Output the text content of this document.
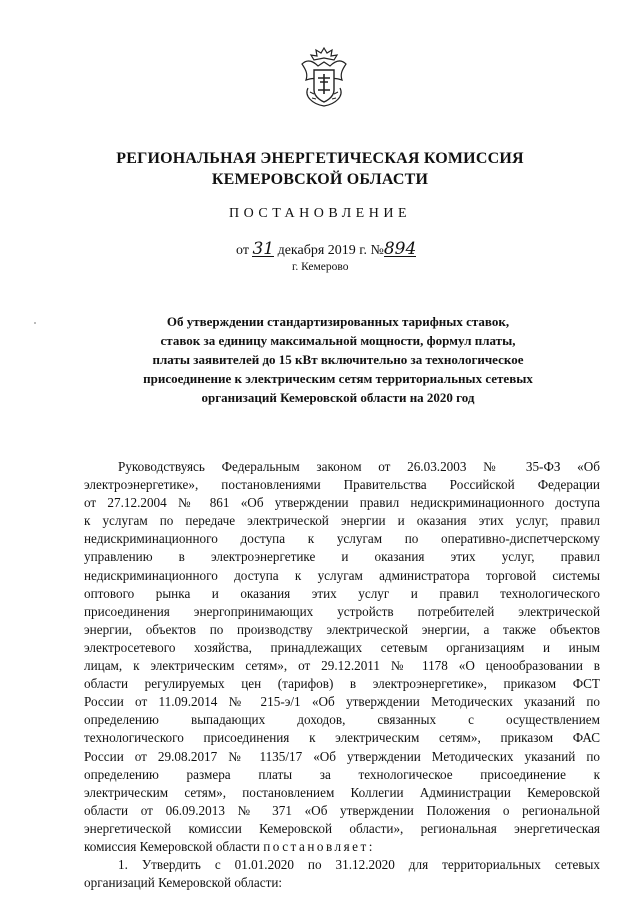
РЕГИОНАЛЬНАЯ ЭНЕРГЕТИЧЕСКАЯ КОМИССИЯ
КЕМЕРОВСКОЙ ОБЛАСТИ
ПОСТАНОВЛЕНИЕ
от 31 декабря 2019 г. №894
г. Кемерово
Об утверждении стандартизированных тарифных ставок,
ставок за единицу максимальной мощности, формул платы,
платы заявителей до 15 кВт включительно за технологическое
присоединение к электрическим сетям территориальных сетевых
организаций Кемеровской области на 2020 год
Руководствуясь Федеральным законом от 26.03.2003 № 35-ФЗ «Об
электроэнергетике», постановлениями Правительства Российской Федерации
от 27.12.2004 № 861 «Об утверждении правил недискриминационного доступа
к услугам по передаче электрической энергии и оказания этих услуг, правил
недискриминационного доступа к услугам по оперативно-диспетчерскому
управлению в электроэнергетике и оказания этих услуг, правил
недискриминационного доступа к услугам администратора торговой системы
оптового рынка и оказания этих услуг и правил технологического
присоединения энергопринимающих устройств потребителей электрической
энергии, объектов по производству электрической энергии, а также объектов
электросетевого хозяйства, принадлежащих сетевым организациям и иным
лицам, к электрическим сетям», от 29.12.2011 № 1178 «О ценообразовании в
области регулируемых цен (тарифов) в электроэнергетике», приказом ФСТ
России от 11.09.2014 № 215-э/1 «Об утверждении Методических указаний по
определению выпадающих доходов, связанных с осуществлением
технологического присоединения к электрическим сетям», приказом ФАС
России от 29.08.2017 № 1135/17 «Об утверждении Методических указаний по
определению размера платы за технологическое присоединение к
электрическим сетям», постановлением Коллегии Администрации Кемеровской
области от 06.09.2013 № 371 «Об утверждении Положения о региональной
энергетической комиссии Кемеровской области», региональная энергетическая
комиссия Кемеровской области постановляет:
1. Утвердить с 01.01.2020 по 31.12.2020 для территориальных сетевых
организаций Кемеровской области:
